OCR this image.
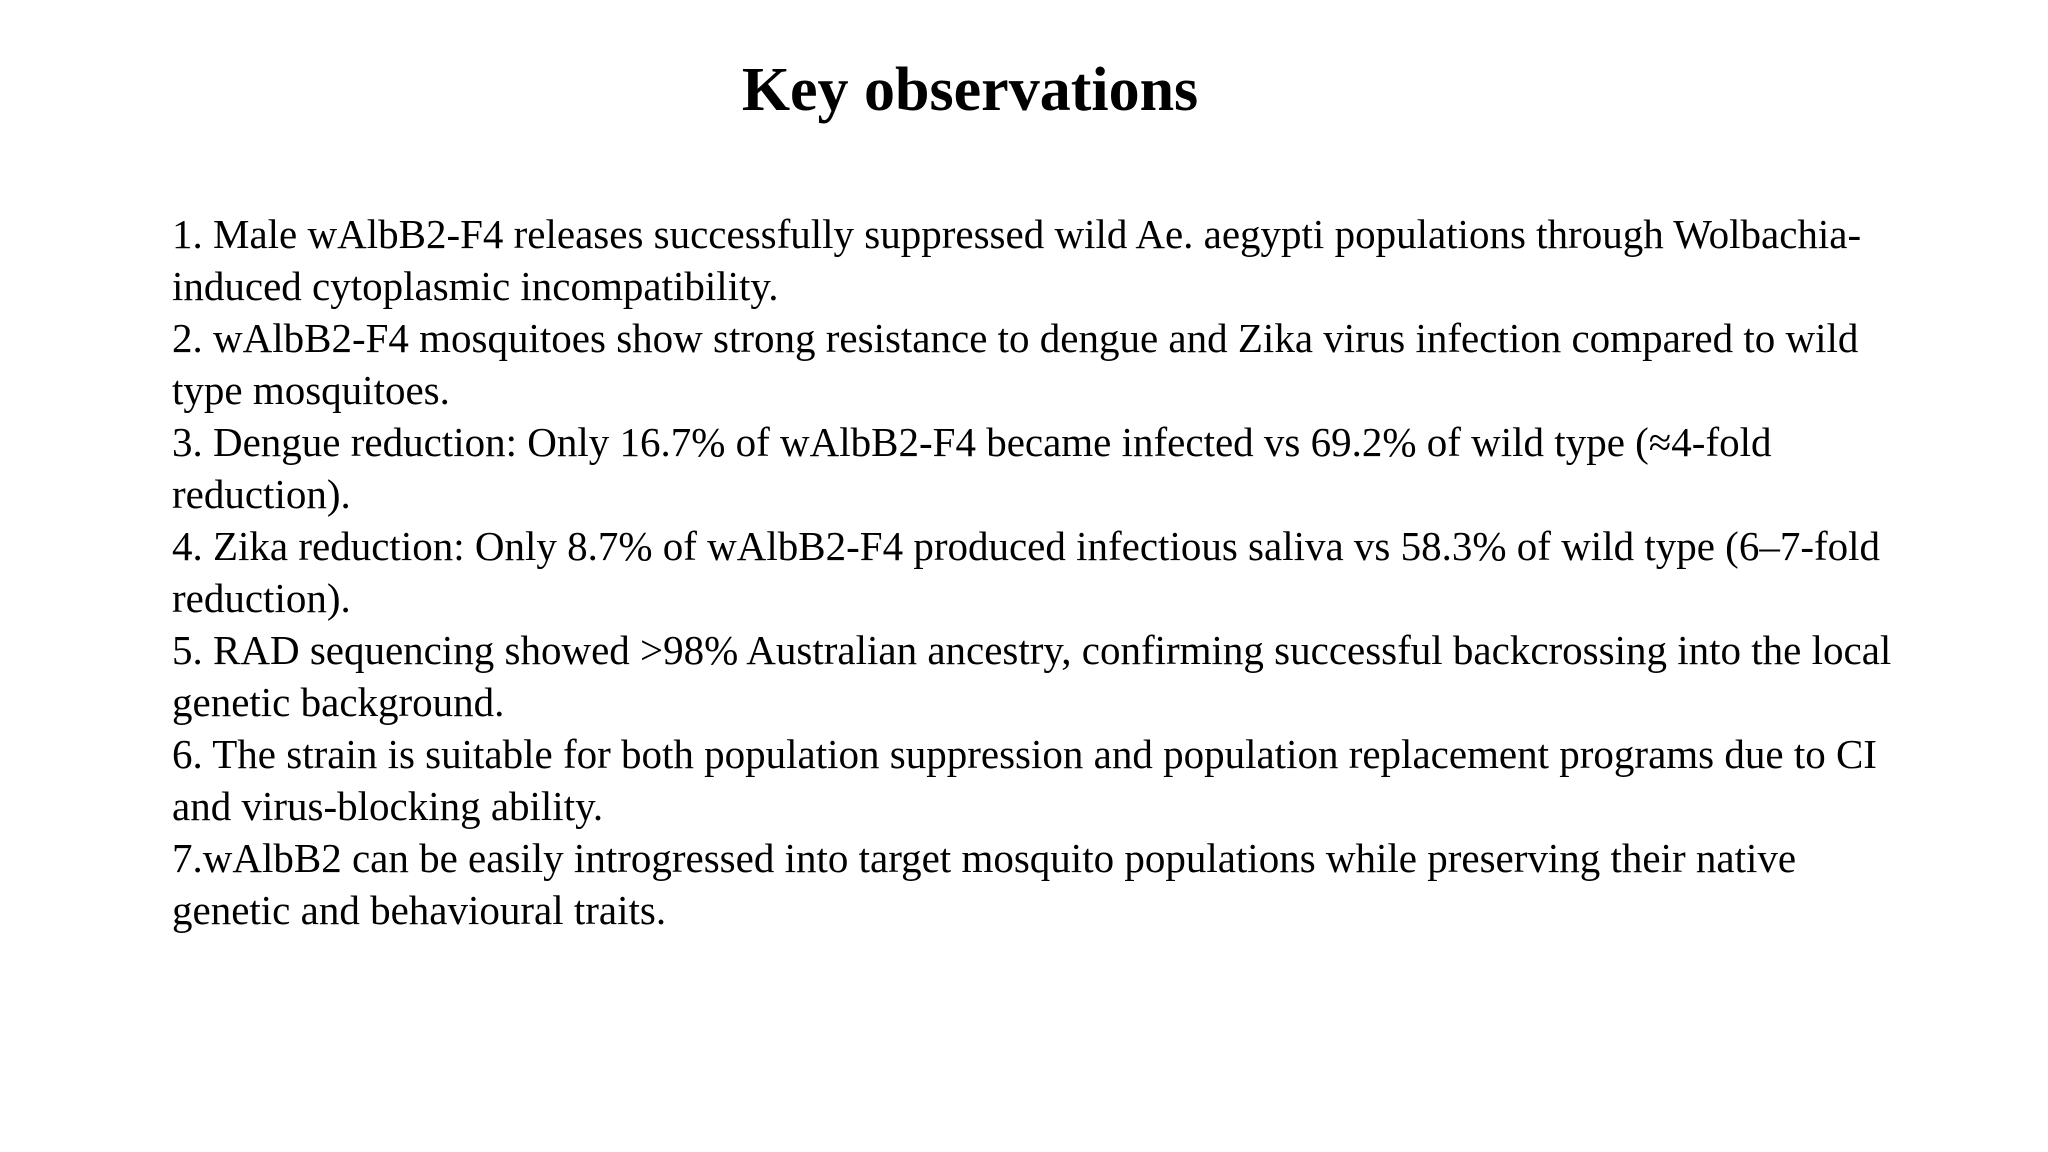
Key observations
1. Male wAlbB2-F4 releases successfully suppressed wild Ae. aegypti populations through Wolbachia-induced cytoplasmic incompatibility.
2. wAlbB2-F4 mosquitoes show strong resistance to dengue and Zika virus infection compared to wild type mosquitoes.
3. Dengue reduction: Only 16.7% of wAlbB2-F4 became infected vs 69.2% of wild type (≈4-fold reduction).
4. Zika reduction: Only 8.7% of wAlbB2-F4 produced infectious saliva vs 58.3% of wild type (6–7-fold reduction).
5. RAD sequencing showed >98% Australian ancestry, confirming successful backcrossing into the local genetic background.
6. The strain is suitable for both population suppression and population replacement programs due to CI and virus-blocking ability.
7.wAlbB2 can be easily introgressed into target mosquito populations while preserving their native genetic and behavioural traits.
